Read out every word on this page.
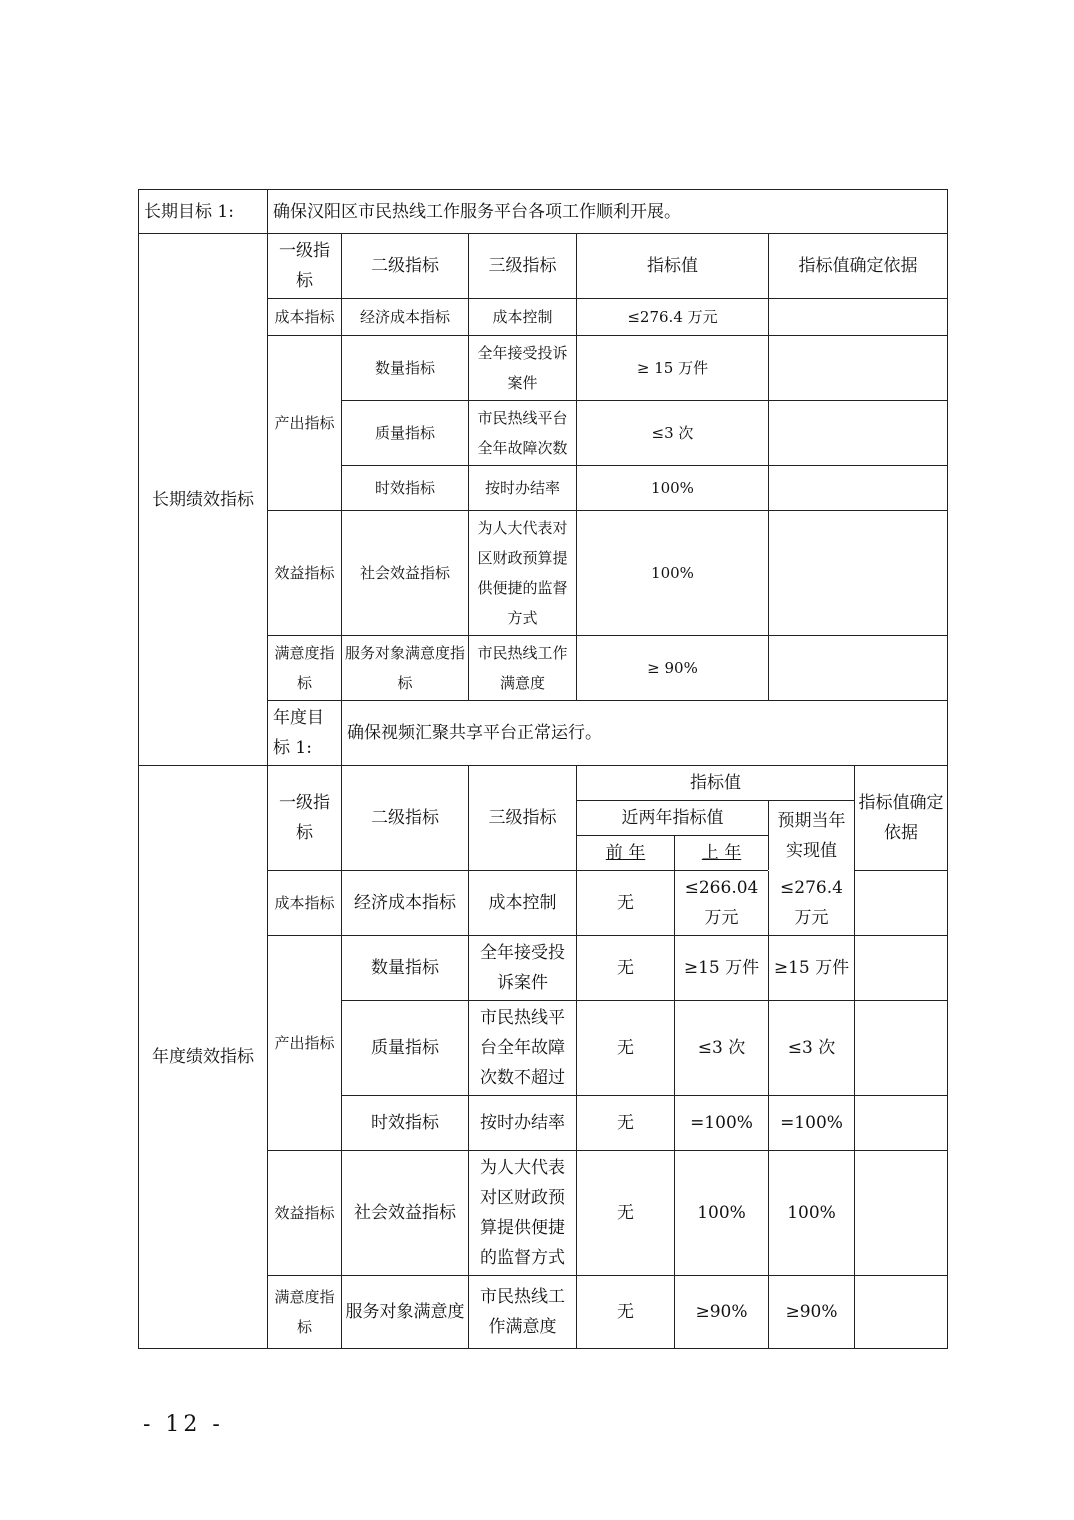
长期目标 1:	确保汉阳区市民热线工作服务平台各项工作顺利开展。						
长期绩效指标	一级指标	二级指标	三级指标	指标值		指标值确定依据	
	成本指标	经济成本指标	成本控制	≤276.4 万元			
	产出指标	数量指标	全年接受投诉案件	≥ 15 万件			
		质量指标	市民热线平台全年故障次数	≤3 次			
		时效指标	按时办结率	100%			
	效益指标	社会效益指标	为人大代表对区财政预算提供便捷的监督方式	100%			
	满意度指标	服务对象满意度指标	市民热线工作满意度	≥ 90%			
	年度目标 1:	确保视频汇聚共享平台正常运行。					
年度绩效指标	一级指标	二级指标	三级指标	指标值			指标值确定依据
				近两年指标值		预期当年实现值	
				前 年	上 年		
	成本指标	经济成本指标	成本控制	无	≤266.04 万元	≤276.4 万元	
	产出指标	数量指标	全年接受投诉案件	无	≥15 万件	≥15 万件	
		质量指标	市民热线平台全年故障次数不超过	无	≤3 次	≤3 次	
		时效指标	按时办结率	无	=100%	=100%	
	效益指标	社会效益指标	为人大代表对区财政预算提供便捷的监督方式	无	100%	100%	
	满意度指标	服务对象满意度	市民热线工作满意度	无	≥90%	≥90%	
- 12 -
